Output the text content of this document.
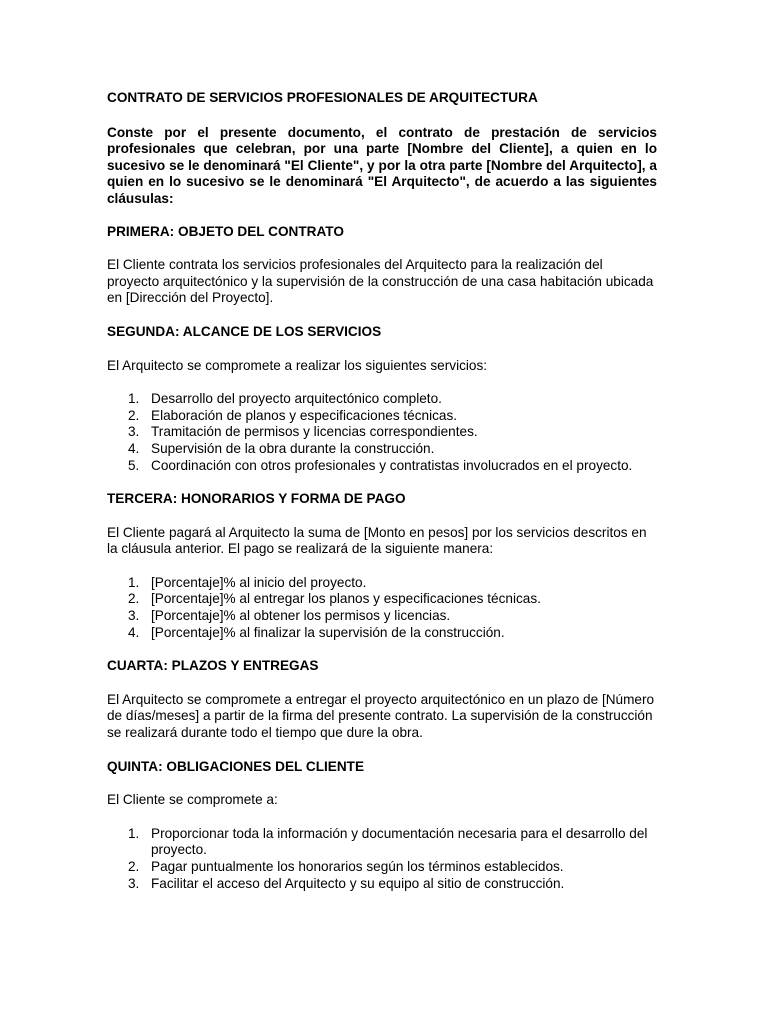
CONTRATO DE SERVICIOS PROFESIONALES DE ARQUITECTURA

Conste por el presente documento, el contrato de prestación de servicios profesionales que celebran, por una parte [Nombre del Cliente], a quien en lo sucesivo se le denominará "El Cliente", y por la otra parte [Nombre del Arquitecto], a quien en lo sucesivo se le denominará "El Arquitecto", de acuerdo a las siguientes cláusulas:

PRIMERA: OBJETO DEL CONTRATO

El Cliente contrata los servicios profesionales del Arquitecto para la realización del proyecto arquitectónico y la supervisión de la construcción de una casa habitación ubicada en [Dirección del Proyecto].

SEGUNDA: ALCANCE DE LOS SERVICIOS

El Arquitecto se compromete a realizar los siguientes servicios:

1. Desarrollo del proyecto arquitectónico completo.
2. Elaboración de planos y especificaciones técnicas.
3. Tramitación de permisos y licencias correspondientes.
4. Supervisión de la obra durante la construcción.
5. Coordinación con otros profesionales y contratistas involucrados en el proyecto.

TERCERA: HONORARIOS Y FORMA DE PAGO

El Cliente pagará al Arquitecto la suma de [Monto en pesos] por los servicios descritos en la cláusula anterior. El pago se realizará de la siguiente manera:

1. [Porcentaje]% al inicio del proyecto.
2. [Porcentaje]% al entregar los planos y especificaciones técnicas.
3. [Porcentaje]% al obtener los permisos y licencias.
4. [Porcentaje]% al finalizar la supervisión de la construcción.

CUARTA: PLAZOS Y ENTREGAS

El Arquitecto se compromete a entregar el proyecto arquitectónico en un plazo de [Número de días/meses] a partir de la firma del presente contrato. La supervisión de la construcción se realizará durante todo el tiempo que dure la obra.

QUINTA: OBLIGACIONES DEL CLIENTE

El Cliente se compromete a:

1. Proporcionar toda la información y documentación necesaria para el desarrollo del proyecto.
2. Pagar puntualmente los honorarios según los términos establecidos.
3. Facilitar el acceso del Arquitecto y su equipo al sitio de construcción.
